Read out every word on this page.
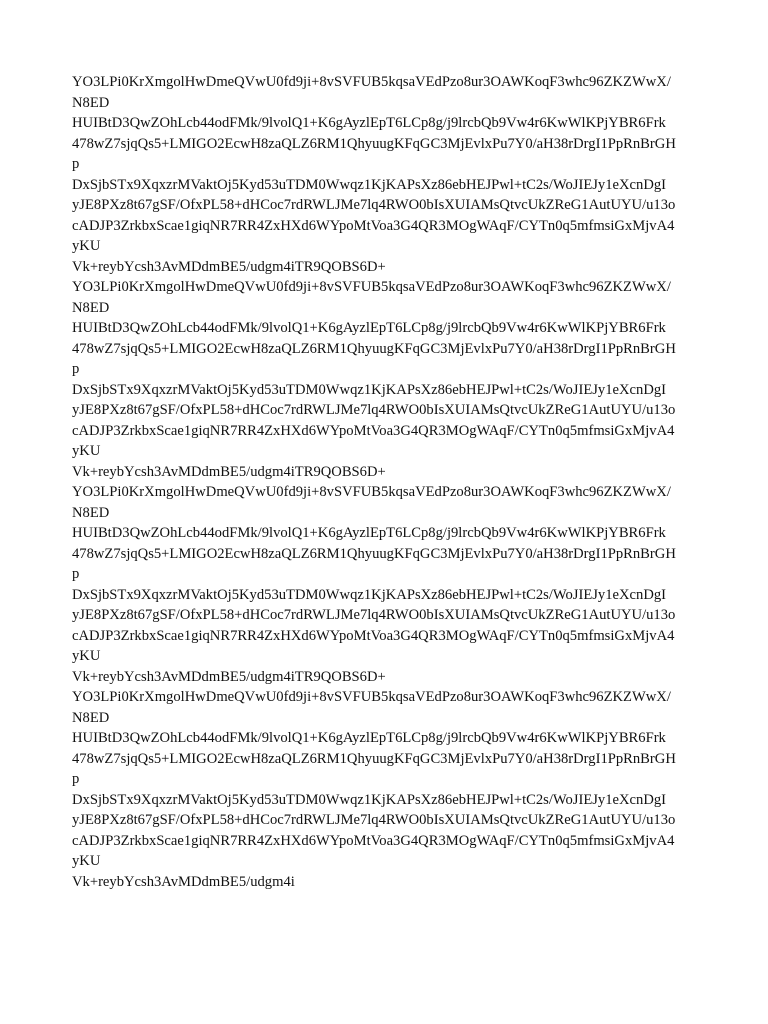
YO3LPi0KrXmgolHwDmeQVwU0fd9ji+8vSVFUB5kqsaVEdPzo8ur3OAWKoqF3whc96ZKZWwX/
N8ED
HUIBtD3QwZOhLcb44odFMk/9lvolQ1+K6gAyzlEpT6LCp8g/j9lrcbQb9Vw4r6KwWlKPjYBR6Frk
478wZ7sjqQs5+LMIGO2EcwH8zaQLZ6RM1QhyuugKFqGC3MjEvlxPu7Y0/aH38rDrgI1PpRnBrGH
p
DxSjbSTx9XqxzrMVaktOj5Kyd53uTDM0Wwqz1KjKAPsXz86ebHEJPwl+tC2s/WoJIEJy1eXcnDgI
yJE8PXz8t67gSF/OfxPL58+dHCoc7rdRWLJMe7lq4RWO0bIsXUIAMsQtvcUkZReG1AutUYU/u13o
cADJP3ZrkbxScae1giqNR7RR4ZxHXd6WYpoMtVoa3G4QR3MOgWAqF/CYTn0q5mfmsiGxMjvA4
yKU
Vk+reybYcsh3AvMDdmBE5/udgm4iTR9QOBS6D+
YO3LPi0KrXmgolHwDmeQVwU0fd9ji+8vSVFUB5kqsaVEdPzo8ur3OAWKoqF3whc96ZKZWwX/
N8ED
HUIBtD3QwZOhLcb44odFMk/9lvolQ1+K6gAyzlEpT6LCp8g/j9lrcbQb9Vw4r6KwWlKPjYBR6Frk
478wZ7sjqQs5+LMIGO2EcwH8zaQLZ6RM1QhyuugKFqGC3MjEvlxPu7Y0/aH38rDrgI1PpRnBrGH
p
DxSjbSTx9XqxzrMVaktOj5Kyd53uTDM0Wwqz1KjKAPsXz86ebHEJPwl+tC2s/WoJIEJy1eXcnDgI
yJE8PXz8t67gSF/OfxPL58+dHCoc7rdRWLJMe7lq4RWO0bIsXUIAMsQtvcUkZReG1AutUYU/u13o
cADJP3ZrkbxScae1giqNR7RR4ZxHXd6WYpoMtVoa3G4QR3MOgWAqF/CYTn0q5mfmsiGxMjvA4
yKU
Vk+reybYcsh3AvMDdmBE5/udgm4iTR9QOBS6D+
YO3LPi0KrXmgolHwDmeQVwU0fd9ji+8vSVFUB5kqsaVEdPzo8ur3OAWKoqF3whc96ZKZWwX/
N8ED
HUIBtD3QwZOhLcb44odFMk/9lvolQ1+K6gAyzlEpT6LCp8g/j9lrcbQb9Vw4r6KwWlKPjYBR6Frk
478wZ7sjqQs5+LMIGO2EcwH8zaQLZ6RM1QhyuugKFqGC3MjEvlxPu7Y0/aH38rDrgI1PpRnBrGH
p
DxSjbSTx9XqxzrMVaktOj5Kyd53uTDM0Wwqz1KjKAPsXz86ebHEJPwl+tC2s/WoJIEJy1eXcnDgI
yJE8PXz8t67gSF/OfxPL58+dHCoc7rdRWLJMe7lq4RWO0bIsXUIAMsQtvcUkZReG1AutUYU/u13o
cADJP3ZrkbxScae1giqNR7RR4ZxHXd6WYpoMtVoa3G4QR3MOgWAqF/CYTn0q5mfmsiGxMjvA4
yKU
Vk+reybYcsh3AvMDdmBE5/udgm4iTR9QOBS6D+
YO3LPi0KrXmgolHwDmeQVwU0fd9ji+8vSVFUB5kqsaVEdPzo8ur3OAWKoqF3whc96ZKZWwX/
N8ED
HUIBtD3QwZOhLcb44odFMk/9lvolQ1+K6gAyzlEpT6LCp8g/j9lrcbQb9Vw4r6KwWlKPjYBR6Frk
478wZ7sjqQs5+LMIGO2EcwH8zaQLZ6RM1QhyuugKFqGC3MjEvlxPu7Y0/aH38rDrgI1PpRnBrGH
p
DxSjbSTx9XqxzrMVaktOj5Kyd53uTDM0Wwqz1KjKAPsXz86ebHEJPwl+tC2s/WoJIEJy1eXcnDgI
yJE8PXz8t67gSF/OfxPL58+dHCoc7rdRWLJMe7lq4RWO0bIsXUIAMsQtvcUkZReG1AutUYU/u13o
cADJP3ZrkbxScae1giqNR7RR4ZxHXd6WYpoMtVoa3G4QR3MOgWAqF/CYTn0q5mfmsiGxMjvA4
yKU
Vk+reybYcsh3AvMDdmBE5/udgm4i
